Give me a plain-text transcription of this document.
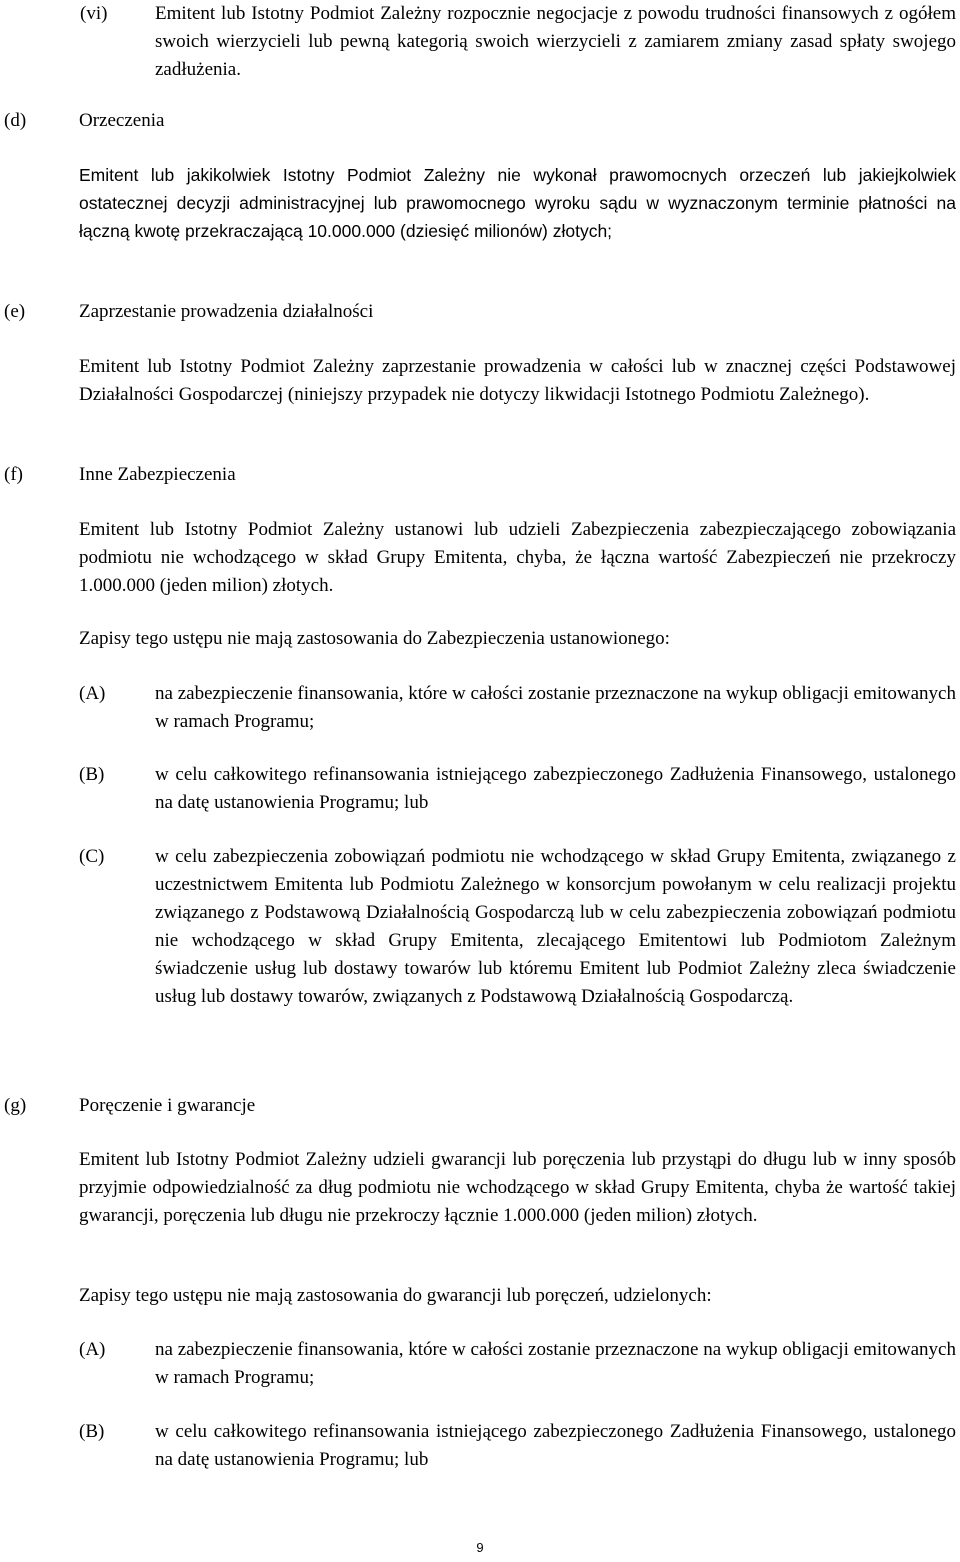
(vi)	Emitent lub Istotny Podmiot Zależny rozpocznie negocjacje z powodu trudności finansowych z ogółem swoich wierzycieli lub pewną kategorią swoich wierzycieli z zamiarem zmiany zasad spłaty swojego zadłużenia.
(d)	Orzeczenia
Emitent lub jakikolwiek Istotny Podmiot Zależny nie wykonał prawomocnych orzeczeń lub jakiejkolwiek ostatecznej decyzji administracyjnej lub prawomocnego wyroku sądu w wyznaczonym terminie płatności na łączną kwotę przekraczającą 10.000.000 (dziesięć milionów) złotych;
(e)	Zaprzestanie prowadzenia działalności
Emitent lub Istotny Podmiot Zależny zaprzestanie prowadzenia w całości lub w znacznej części Podstawowej Działalności Gospodarczej (niniejszy przypadek nie dotyczy likwidacji Istotnego Podmiotu Zależnego).
(f)	Inne Zabezpieczenia
Emitent lub Istotny Podmiot Zależny ustanowi lub udzieli Zabezpieczenia zabezpieczającego zobowiązania podmiotu nie wchodzącego w skład Grupy Emitenta, chyba, że łączna wartość Zabezpieczeń nie przekroczy 1.000.000 (jeden milion) złotych.
Zapisy tego ustępu nie mają zastosowania do Zabezpieczenia ustanowionego:
(A)	na zabezpieczenie finansowania, które w całości zostanie przeznaczone na wykup obligacji emitowanych w ramach Programu;
(B)	w celu całkowitego refinansowania istniejącego zabezpieczonego Zadłużenia Finansowego, ustalonego na datę ustanowienia Programu; lub
(C)	w celu zabezpieczenia zobowiązań podmiotu nie wchodzącego w skład Grupy Emitenta, związanego z uczestnictwem Emitenta lub Podmiotu Zależnego w konsorcjum powołanym w celu realizacji projektu związanego z Podstawową Działalnością Gospodarczą lub w celu zabezpieczenia zobowiązań podmiotu nie wchodzącego w skład Grupy Emitenta, zlecającego Emitentowi lub Podmiotom Zależnym świadczenie usług lub dostawy towarów lub któremu Emitent lub Podmiot Zależny zleca świadczenie usług lub dostawy towarów, związanych z Podstawową Działalnością Gospodarczą.
(g)	Poręczenie i gwarancje
Emitent lub Istotny Podmiot Zależny udzieli gwarancji lub poręczenia lub przystąpi do długu lub w inny sposób przyjmie odpowiedzialność za dług podmiotu nie wchodzącego w skład Grupy Emitenta, chyba że wartość takiej gwarancji, poręczenia lub długu nie przekroczy łącznie 1.000.000 (jeden milion) złotych.
Zapisy tego ustępu nie mają zastosowania do gwarancji lub poręczeń, udzielonych:
(A)	na zabezpieczenie finansowania, które w całości zostanie przeznaczone na wykup obligacji emitowanych w ramach Programu;
(B)	w celu całkowitego refinansowania istniejącego zabezpieczonego Zadłużenia Finansowego, ustalonego na datę ustanowienia Programu; lub
9
